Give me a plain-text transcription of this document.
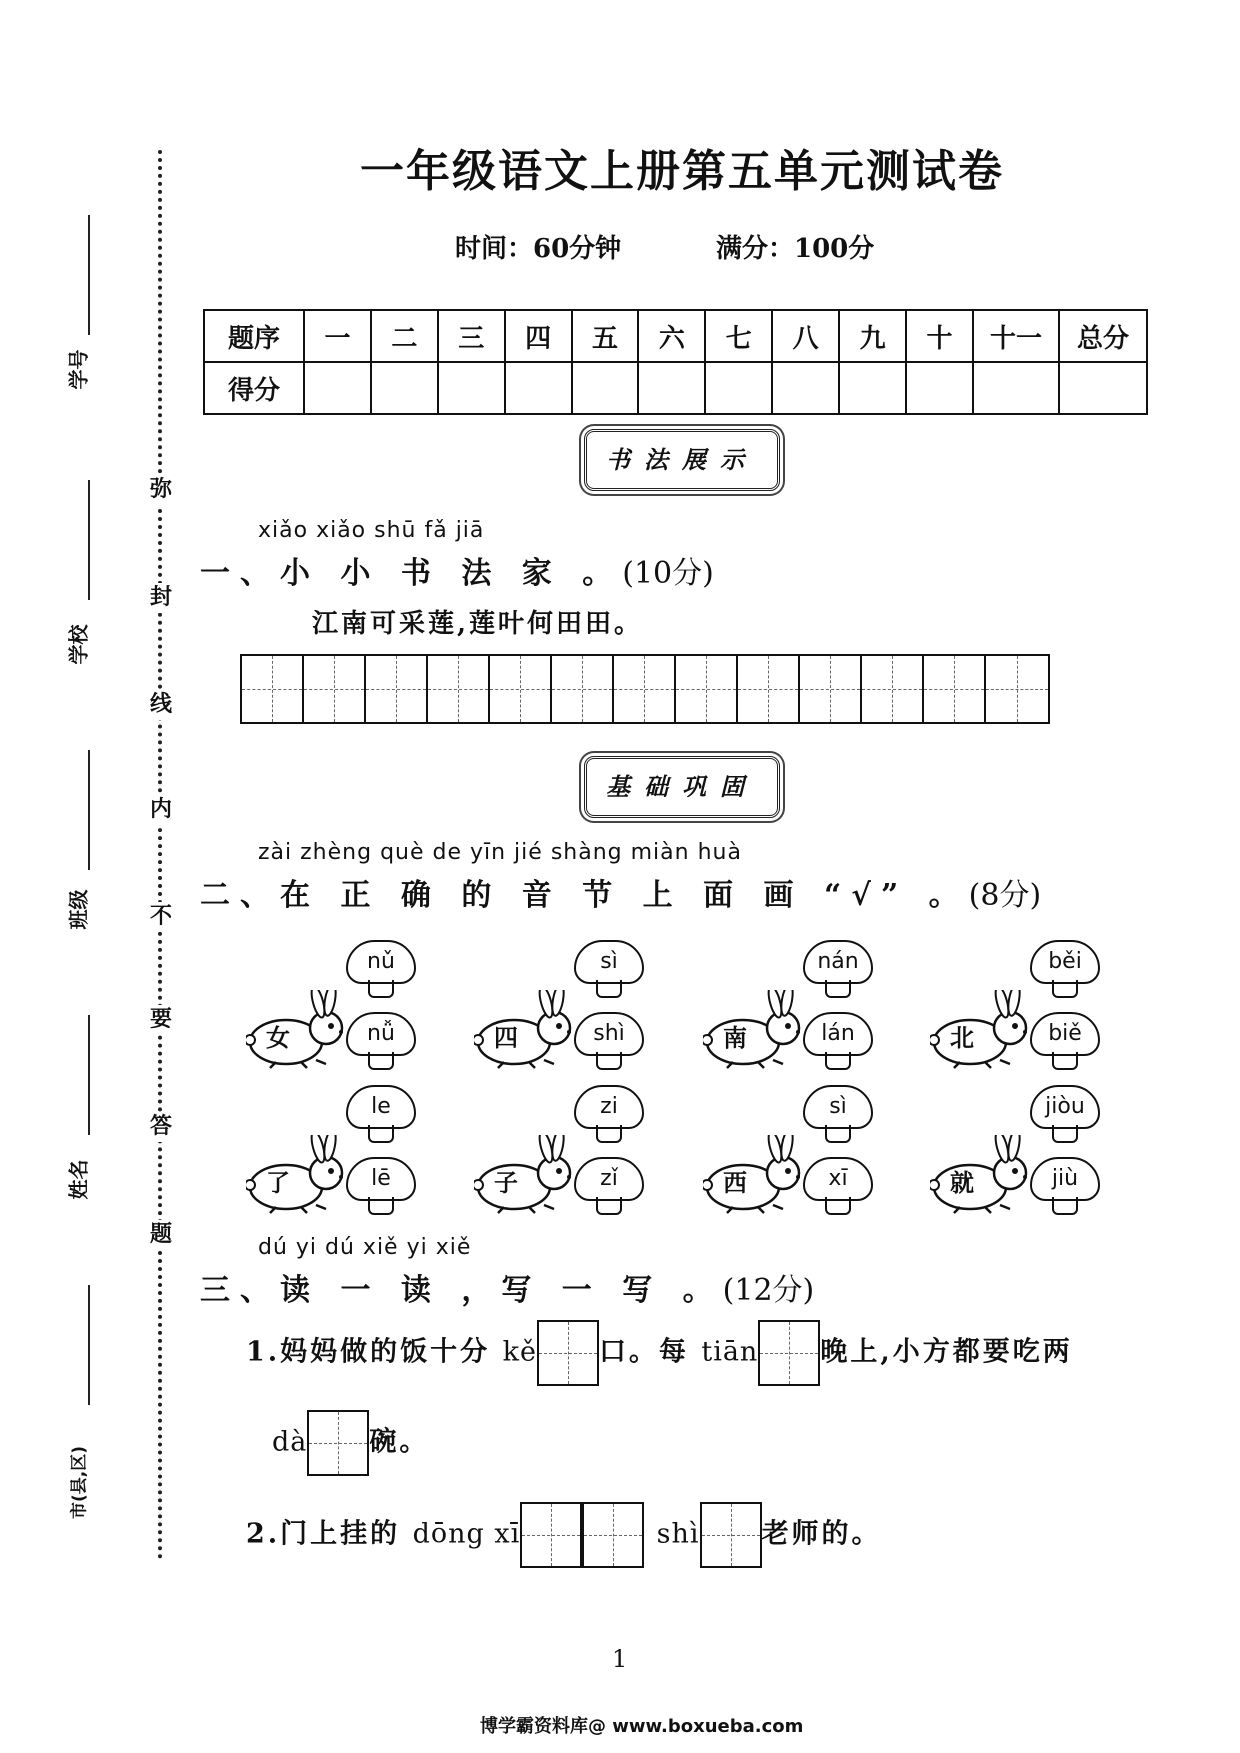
弥
封
线
内
不
要
答
题
学号
学校
班级
姓名
市(县,区)
一年级语文上册第五单元测试卷
时间：60分钟	满分：100分
题序	一	二	三	四	五	六	七	八	九	十	十一	总分
得分												
书法展示
xiǎo xiǎo shū fǎ jiā
一、小 小 书 法 家 。(10分)
江南可采莲,莲叶何田田。
基础巩固
zài zhèng què de yīn jié shàng miàn huà
二、在 正 确 的 音 节 上 面 画 “√” 。(8分)
女
nǔ
nǚ	四
sì
shì	南
nán
lán	北
běi
biě
了
le
lē	子
zi
zǐ	西
sì
xī	就
jiòu
jiù
dú yi dú xiě yi xiě
三、读 一 读 ，写 一 写 。(12分)
1.妈妈做的饭十分 kě 口。每 tiān 晚上,小方都要吃两
dà 碗。
2.门上挂的 dōng xī	shì 老师的。
1
博学霸资料库@ www.boxueba.com
